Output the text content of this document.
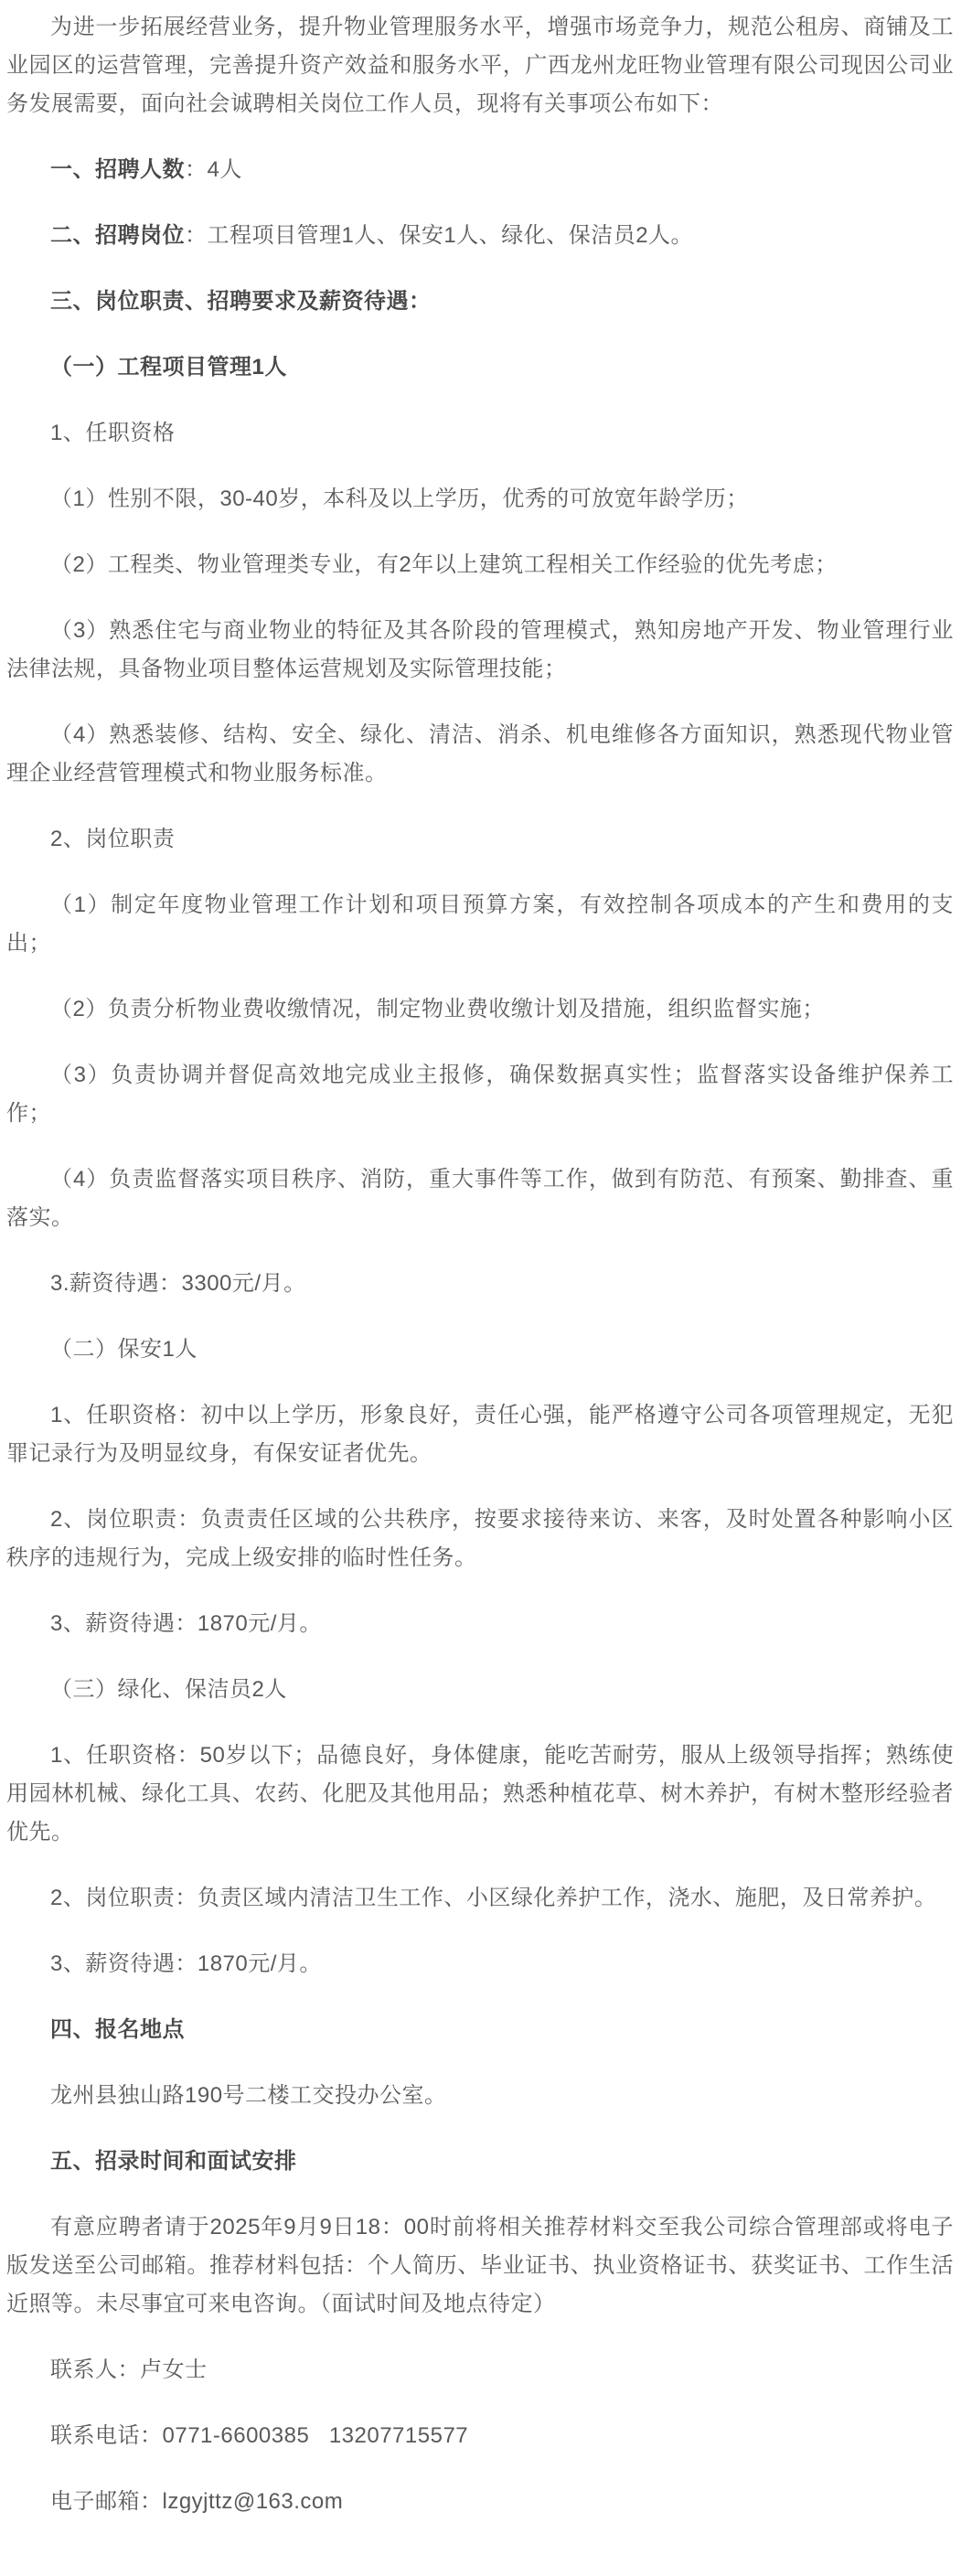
为进一步拓展经营业务，提升物业管理服务水平，增强市场竞争力，规范公租房、商铺及工业园区的运营管理，完善提升资产效益和服务水平，广西龙州龙旺物业管理有限公司现因公司业务发展需要，面向社会诚聘相关岗位工作人员，现将有关事项公布如下：

一、招聘人数：4人

二、招聘岗位：工程项目管理1人、保安1人、绿化、保洁员2人。

三、岗位职责、招聘要求及薪资待遇：

（一）工程项目管理1人

1、任职资格

（1）性别不限，30-40岁，本科及以上学历，优秀的可放宽年龄学历；

（2）工程类、物业管理类专业，有2年以上建筑工程相关工作经验的优先考虑；

（3）熟悉住宅与商业物业的特征及其各阶段的管理模式，熟知房地产开发、物业管理行业法律法规，具备物业项目整体运营规划及实际管理技能；

（4）熟悉装修、结构、安全、绿化、清洁、消杀、机电维修各方面知识，熟悉现代物业管理企业经营管理模式和物业服务标准。

2、岗位职责

（1）制定年度物业管理工作计划和项目预算方案，有效控制各项成本的产生和费用的支出；

（2）负责分析物业费收缴情况，制定物业费收缴计划及措施，组织监督实施；

（3）负责协调并督促高效地完成业主报修，确保数据真实性；监督落实设备维护保养工作；

（4）负责监督落实项目秩序、消防，重大事件等工作，做到有防范、有预案、勤排查、重落实。

3.薪资待遇：3300元/月。

（二）保安1人

1、任职资格：初中以上学历，形象良好，责任心强，能严格遵守公司各项管理规定，无犯罪记录行为及明显纹身，有保安证者优先。

2、岗位职责：负责责任区域的公共秩序，按要求接待来访、来客，及时处置各种影响小区秩序的违规行为，完成上级安排的临时性任务。

3、薪资待遇：1870元/月。

（三）绿化、保洁员2人

1、任职资格：50岁以下；品德良好，身体健康，能吃苦耐劳，服从上级领导指挥；熟练使用园林机械、绿化工具、农药、化肥及其他用品；熟悉种植花草、树木养护，有树木整形经验者优先。

2、岗位职责：负责区域内清洁卫生工作、小区绿化养护工作，浇水、施肥，及日常养护。

3、薪资待遇：1870元/月。

四、报名地点

龙州县独山路190号二楼工交投办公室。

五、招录时间和面试安排

有意应聘者请于2025年9月9日18：00时前将相关推荐材料交至我公司综合管理部或将电子版发送至公司邮箱。推荐材料包括：个人简历、毕业证书、执业资格证书、获奖证书、工作生活近照等。未尽事宜可来电咨询。（面试时间及地点待定）

联系人：卢女士

联系电话：0771-6600385   13207715577

电子邮箱：lzgyjttz@163.com
